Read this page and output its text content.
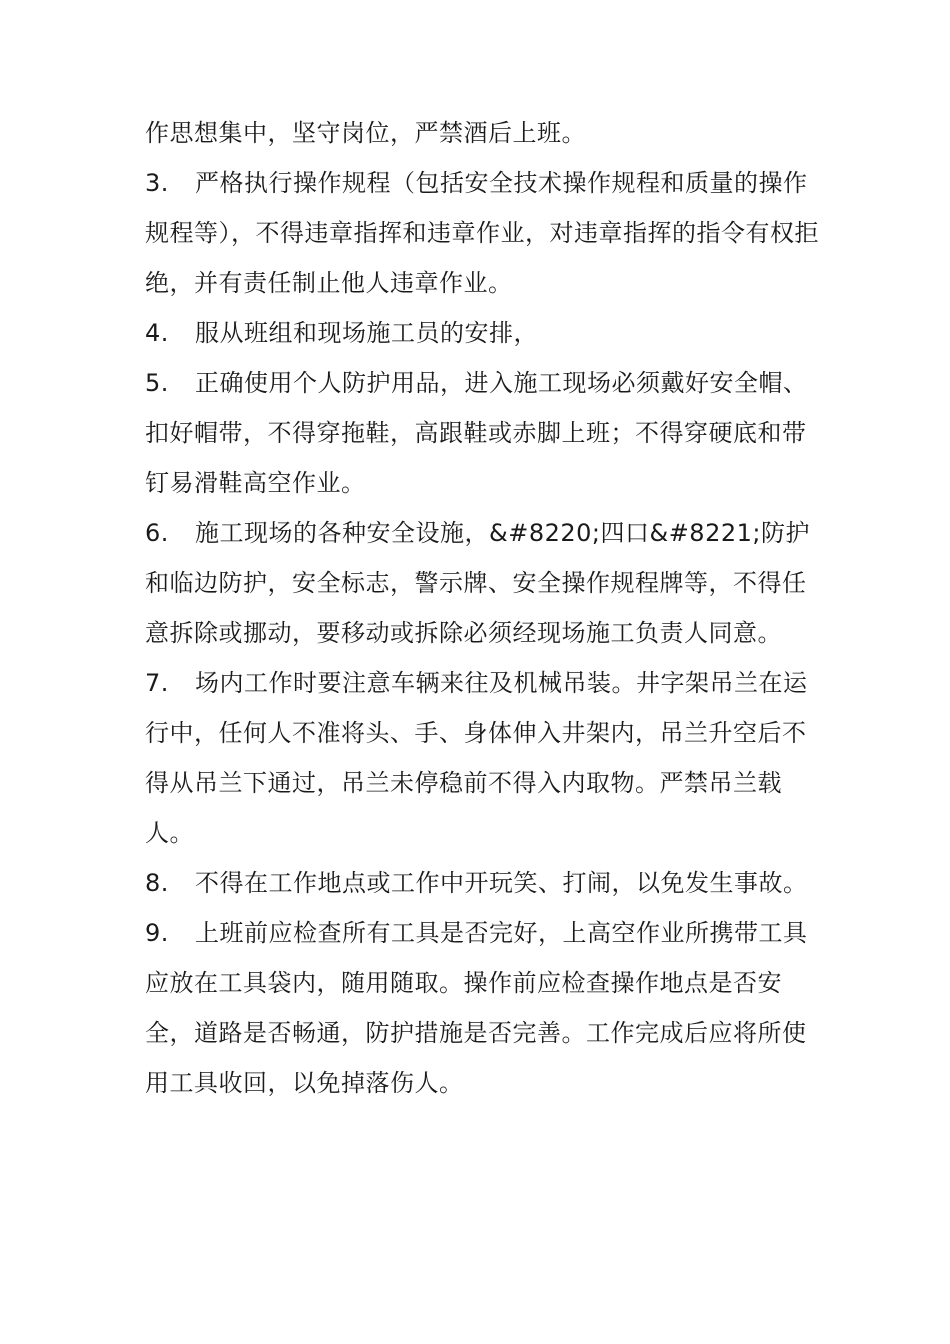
作思想集中，坚守岗位，严禁酒后上班。

3. 严格执行操作规程（包括安全技术操作规程和质量的操作规程等），不得违章指挥和违章作业，对违章指挥的指令有权拒绝，并有责任制止他人违章作业。

4. 服从班组和现场施工员的安排，

5. 正确使用个人防护用品，进入施工现场必须戴好安全帽、扣好帽带，不得穿拖鞋，高跟鞋或赤脚上班；不得穿硬底和带钉易滑鞋高空作业。

6. 施工现场的各种安全设施，&#8220;四口&#8221;防护和临边防护，安全标志，警示牌、安全操作规程牌等，不得任意拆除或挪动，要移动或拆除必须经现场施工负责人同意。

7. 场内工作时要注意车辆来往及机械吊装。井字架吊兰在运行中，任何人不准将头、手、身体伸入井架内，吊兰升空后不得从吊兰下通过，吊兰未停稳前不得入内取物。严禁吊兰载人。

8. 不得在工作地点或工作中开玩笑、打闹，以免发生事故。

9. 上班前应检查所有工具是否完好，上高空作业所携带工具应放在工具袋内，随用随取。操作前应检查操作地点是否安全，道路是否畅通，防护措施是否完善。工作完成后应将所使用工具收回，以免掉落伤人。
